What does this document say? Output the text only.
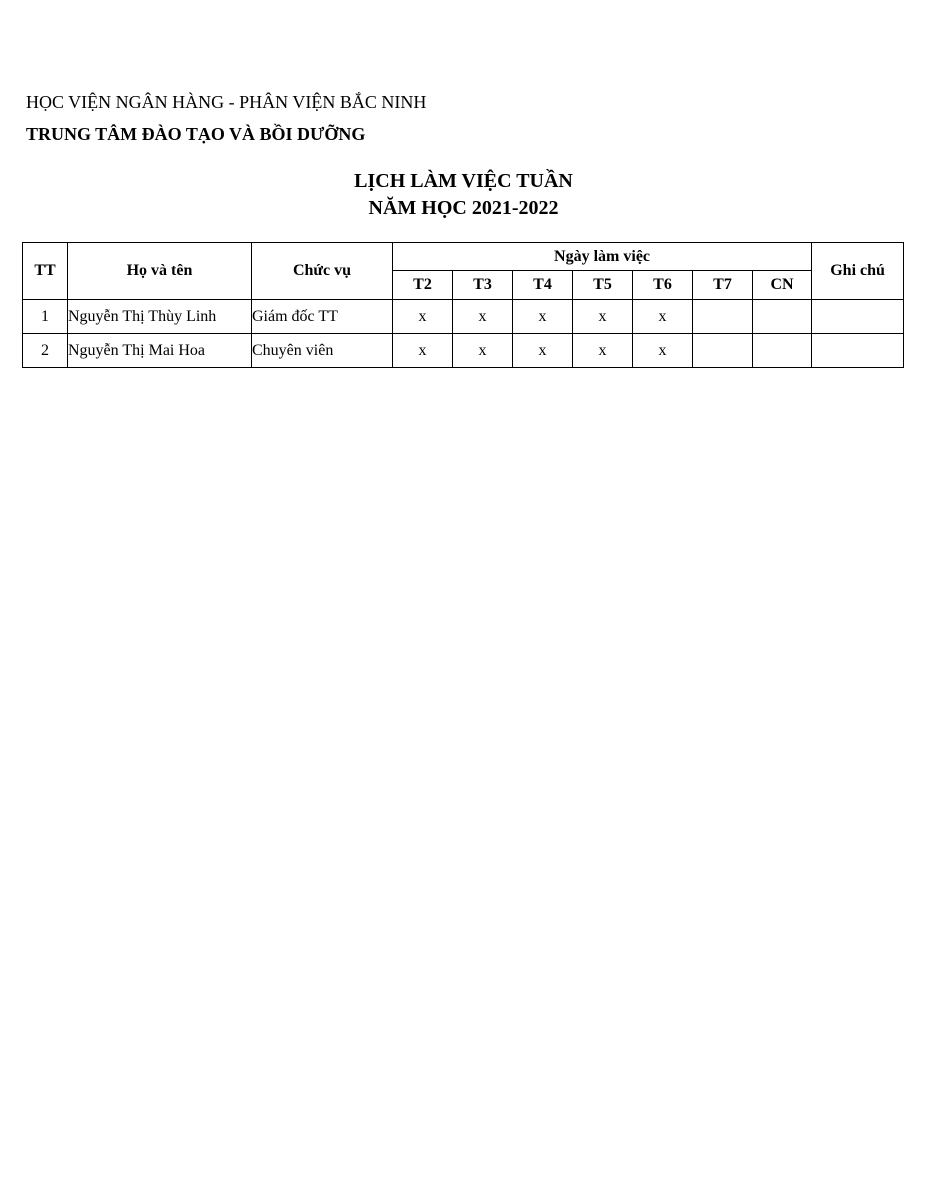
HỌC VIỆN NGÂN HÀNG - PHÂN VIỆN BẮC NINH
TRUNG TÂM ĐÀO TẠO VÀ BỒI DƯỠNG
LỊCH LÀM VIỆC TUẦN
NĂM HỌC 2021-2022
TT	Họ và tên	Chức vụ	Ngày làm việc							Ghi chú
			T2	T3	T4	T5	T6	T7	CN	
1	Nguyễn Thị Thùy Linh	Giám đốc TT	x	x	x	x	x			
2	Nguyễn Thị Mai Hoa	Chuyên viên	x	x	x	x	x			
